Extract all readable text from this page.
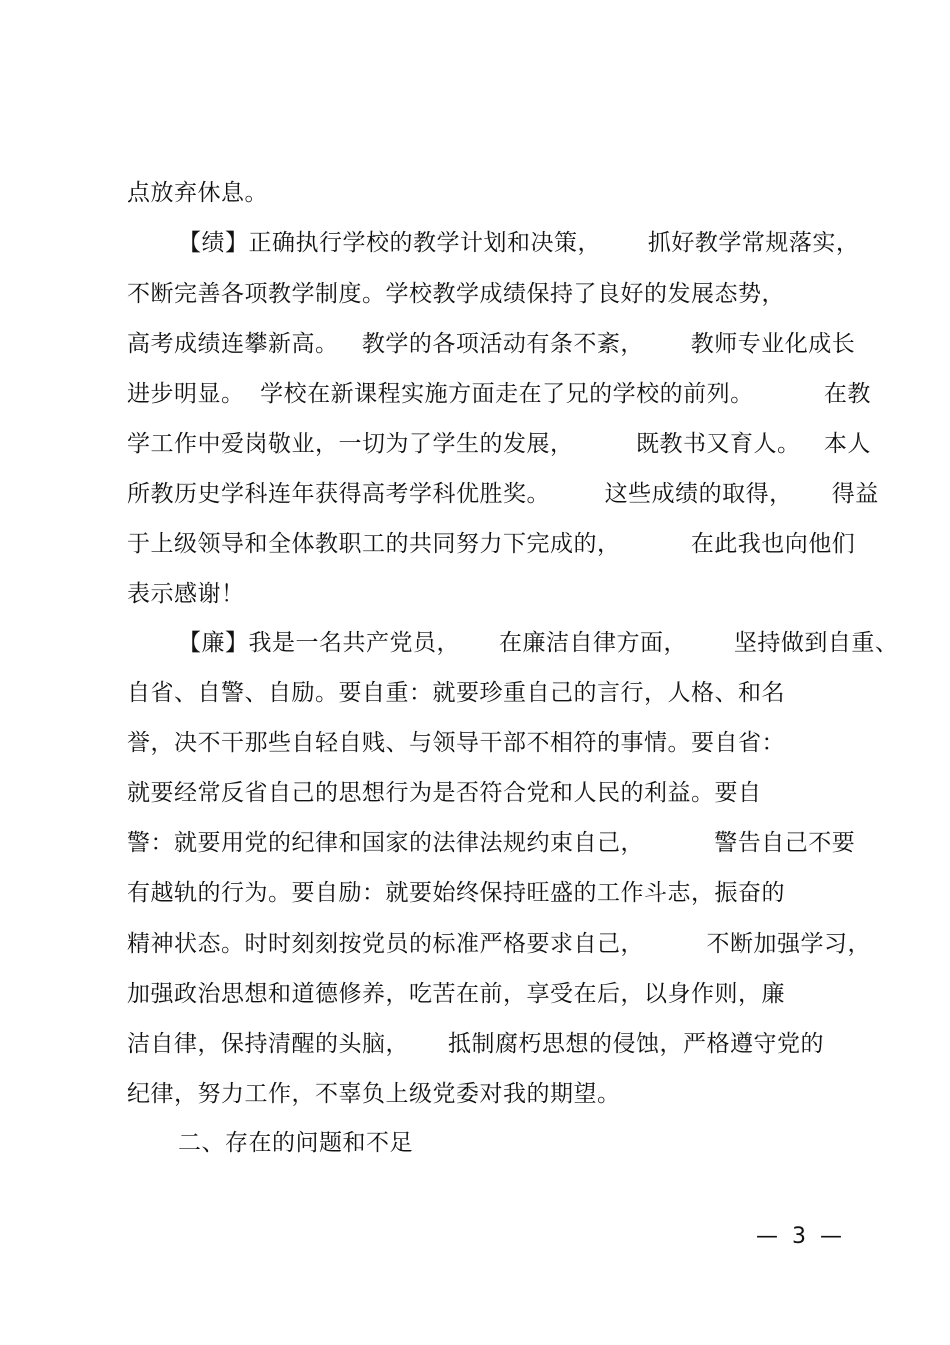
点放弃休息。
【绩】正确执行学校的教学计划和决策，      抓好教学常规落实，
不断完善各项教学制度。学校教学成绩保持了良好的发展态势，
高考成绩连攀新高。   教学的各项活动有条不紊，      教师专业化成长
进步明显。  学校在新课程实施方面走在了兄的学校的前列。         在教
学工作中爱岗敬业，一切为了学生的发展，        既教书又育人。   本人
所教历史学科连年获得高考学科优胜奖。       这些成绩的取得，     得益
于上级领导和全体教职工的共同努力下完成的，         在此我也向他们
表示感谢！
【廉】我是一名共产党员，     在廉洁自律方面，      坚持做到自重、
自省、自警、自励。要自重：就要珍重自己的言行，人格、和名
誉，决不干那些自轻自贱、与领导干部不相符的事情。要自省：
就要经常反省自己的思想行为是否符合党和人民的利益。要自
警：就要用党的纪律和国家的法律法规约束自己，         警告自己不要
有越轨的行为。要自励：就要始终保持旺盛的工作斗志，振奋的
精神状态。时时刻刻按党员的标准严格要求自己，        不断加强学习，
加强政治思想和道德修养，吃苦在前，享受在后，以身作则，廉
洁自律，保持清醒的头脑，     抵制腐朽思想的侵蚀，严格遵守党的
纪律，努力工作，不辜负上级党委对我的期望。
二、存在的问题和不足
—  3  —
